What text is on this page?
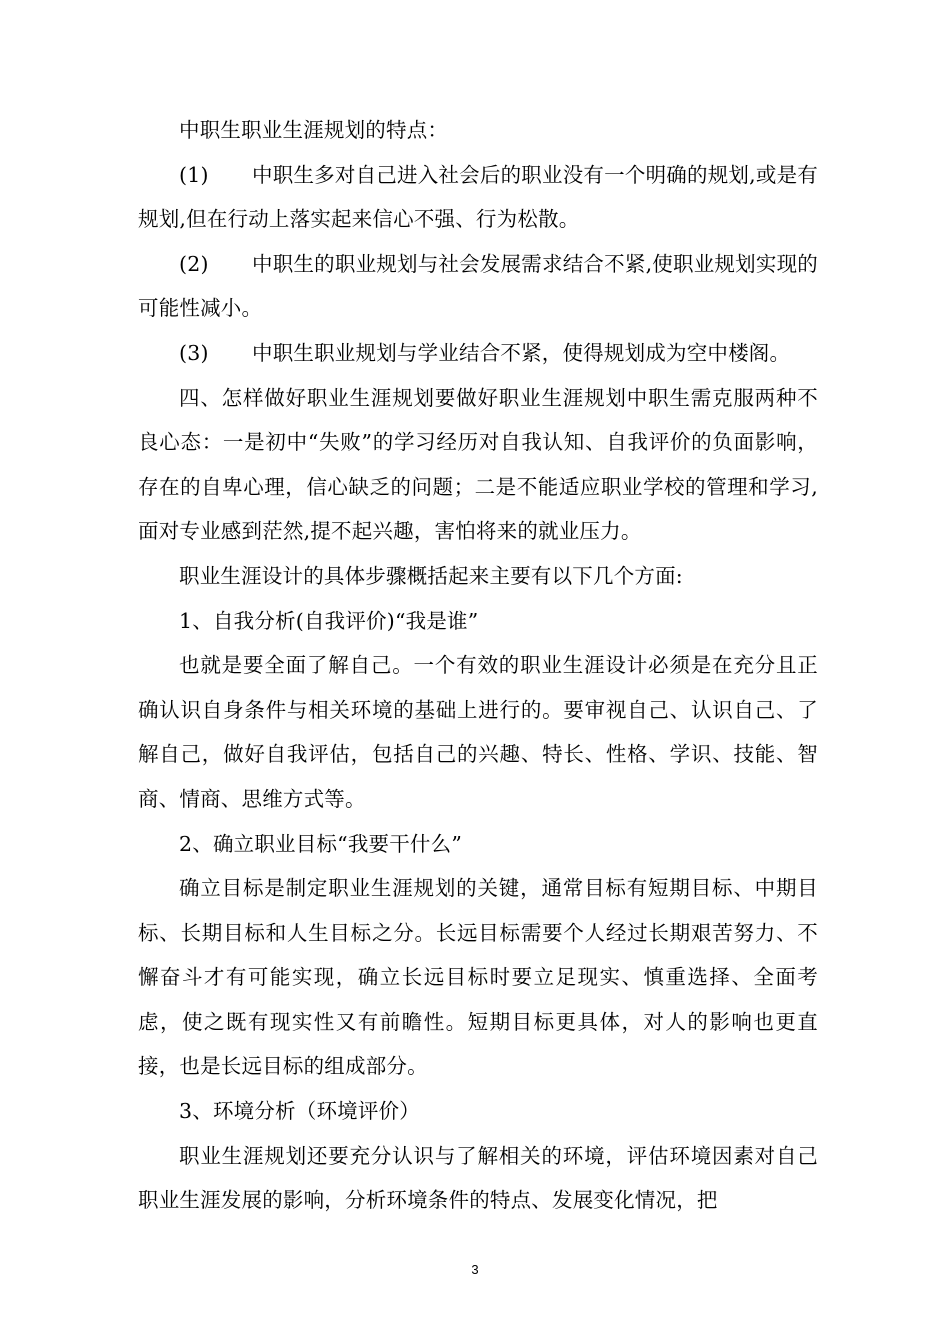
中职生职业生涯规划的特点：

(1) 中职生多对自己进入社会后的职业没有一个明确的规划,或是有规划,但在行动上落实起来信心不强、行为松散。

(2) 中职生的职业规划与社会发展需求结合不紧,使职业规划实现的可能性减小。

(3) 中职生职业规划与学业结合不紧，使得规划成为空中楼阁。

四、怎样做好职业生涯规划要做好职业生涯规划中职生需克服两种不良心态：一是初中“失败”的学习经历对自我认知、自我评价的负面影响，存在的自卑心理，信心缺乏的问题；二是不能适应职业学校的管理和学习,面对专业感到茫然,提不起兴趣，害怕将来的就业压力。

职业生涯设计的具体步骤概括起来主要有以下几个方面:

1、自我分析(自我评价)“我是谁”

也就是要全面了解自己。一个有效的职业生涯设计必须是在充分且正确认识自身条件与相关环境的基础上进行的。要审视自己、认识自己、了解自己，做好自我评估，包括自己的兴趣、特长、性格、学识、技能、智商、情商、思维方式等。

2、确立职业目标“我要干什么”

确立目标是制定职业生涯规划的关键，通常目标有短期目标、中期目标、长期目标和人生目标之分。长远目标需要个人经过长期艰苦努力、不懈奋斗才有可能实现，确立长远目标时要立足现实、慎重选择、全面考虑，使之既有现实性又有前瞻性。短期目标更具体，对人的影响也更直接，也是长远目标的组成部分。

3、环境分析（环境评价）

职业生涯规划还要充分认识与了解相关的环境，评估环境因素对自己职业生涯发展的影响，分析环境条件的特点、发展变化情况，把

3
